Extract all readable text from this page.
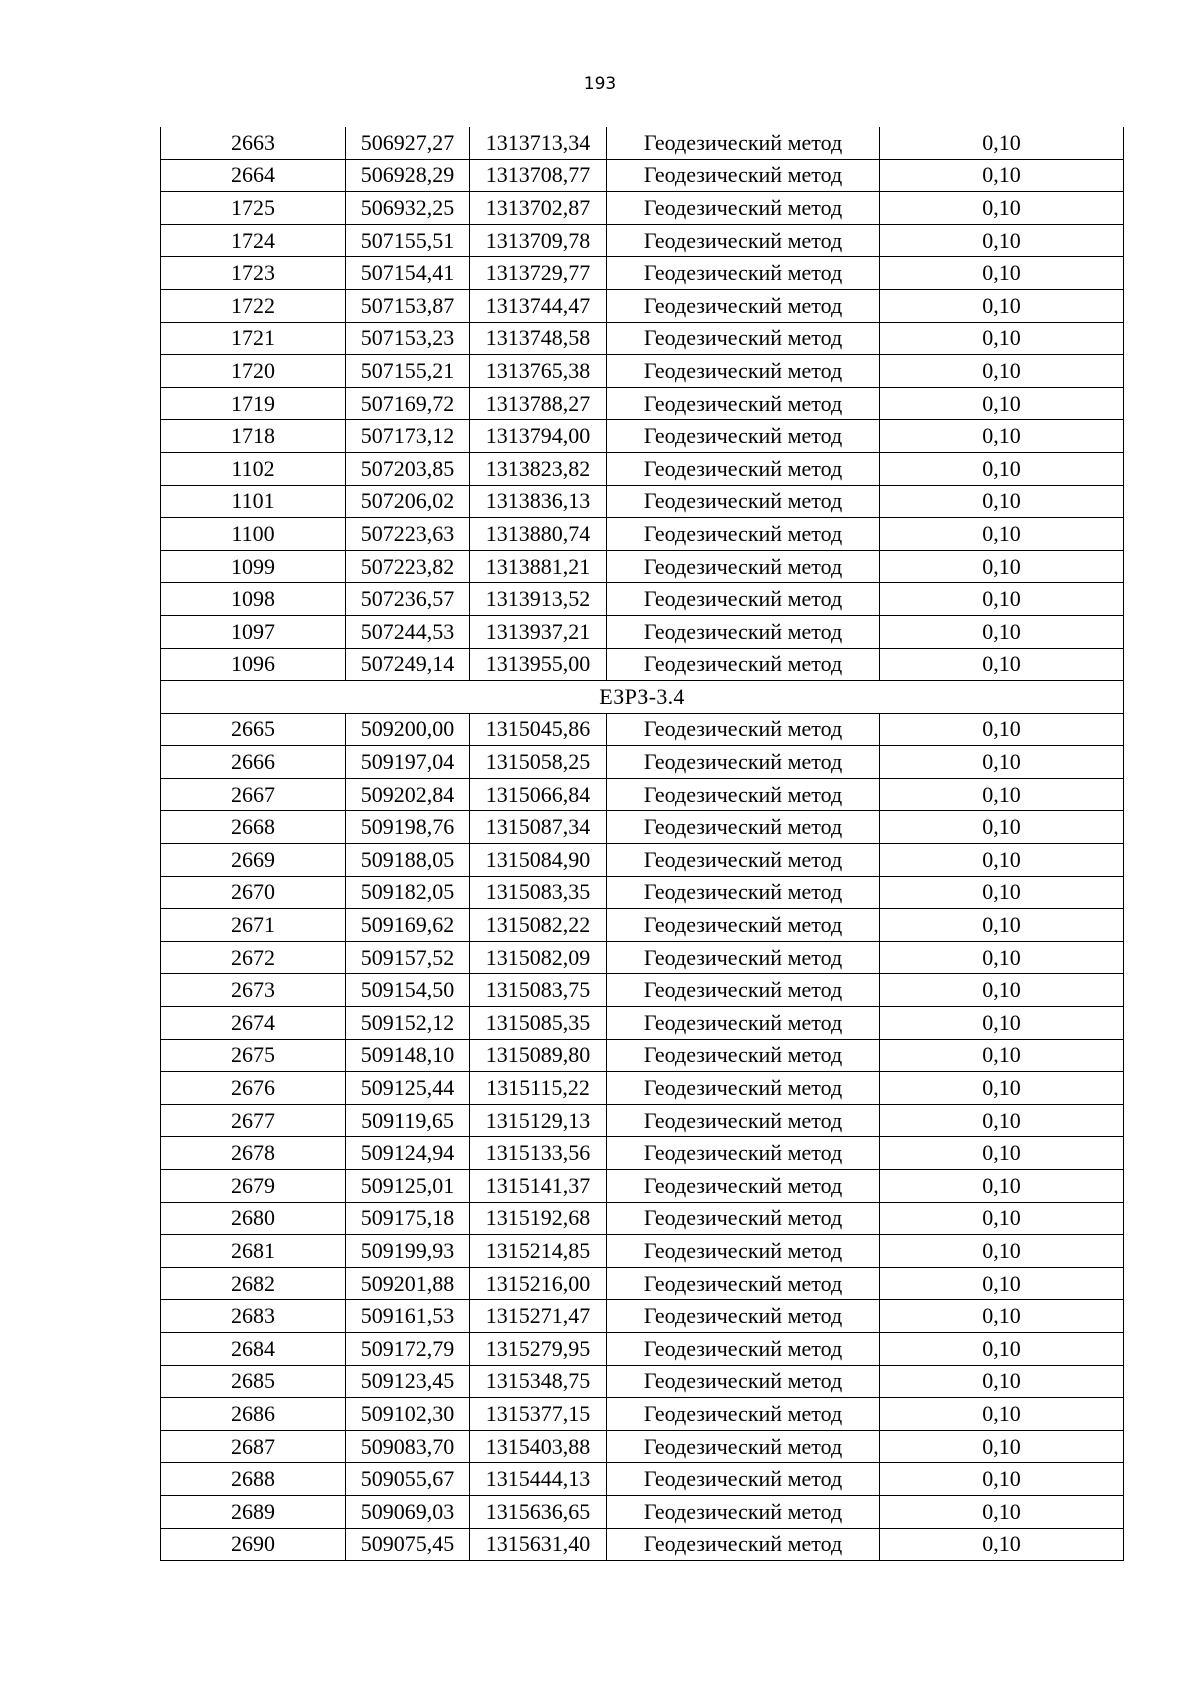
193
2663	506927,27	1313713,34	Геодезический метод	0,10
2664	506928,29	1313708,77	Геодезический метод	0,10
1725	506932,25	1313702,87	Геодезический метод	0,10
1724	507155,51	1313709,78	Геодезический метод	0,10
1723	507154,41	1313729,77	Геодезический метод	0,10
1722	507153,87	1313744,47	Геодезический метод	0,10
1721	507153,23	1313748,58	Геодезический метод	0,10
1720	507155,21	1313765,38	Геодезический метод	0,10
1719	507169,72	1313788,27	Геодезический метод	0,10
1718	507173,12	1313794,00	Геодезический метод	0,10
1102	507203,85	1313823,82	Геодезический метод	0,10
1101	507206,02	1313836,13	Геодезический метод	0,10
1100	507223,63	1313880,74	Геодезический метод	0,10
1099	507223,82	1313881,21	Геодезический метод	0,10
1098	507236,57	1313913,52	Геодезический метод	0,10
1097	507244,53	1313937,21	Геодезический метод	0,10
1096	507249,14	1313955,00	Геодезический метод	0,10
ЕЗРЗ-3.4				
2665	509200,00	1315045,86	Геодезический метод	0,10
2666	509197,04	1315058,25	Геодезический метод	0,10
2667	509202,84	1315066,84	Геодезический метод	0,10
2668	509198,76	1315087,34	Геодезический метод	0,10
2669	509188,05	1315084,90	Геодезический метод	0,10
2670	509182,05	1315083,35	Геодезический метод	0,10
2671	509169,62	1315082,22	Геодезический метод	0,10
2672	509157,52	1315082,09	Геодезический метод	0,10
2673	509154,50	1315083,75	Геодезический метод	0,10
2674	509152,12	1315085,35	Геодезический метод	0,10
2675	509148,10	1315089,80	Геодезический метод	0,10
2676	509125,44	1315115,22	Геодезический метод	0,10
2677	509119,65	1315129,13	Геодезический метод	0,10
2678	509124,94	1315133,56	Геодезический метод	0,10
2679	509125,01	1315141,37	Геодезический метод	0,10
2680	509175,18	1315192,68	Геодезический метод	0,10
2681	509199,93	1315214,85	Геодезический метод	0,10
2682	509201,88	1315216,00	Геодезический метод	0,10
2683	509161,53	1315271,47	Геодезический метод	0,10
2684	509172,79	1315279,95	Геодезический метод	0,10
2685	509123,45	1315348,75	Геодезический метод	0,10
2686	509102,30	1315377,15	Геодезический метод	0,10
2687	509083,70	1315403,88	Геодезический метод	0,10
2688	509055,67	1315444,13	Геодезический метод	0,10
2689	509069,03	1315636,65	Геодезический метод	0,10
2690	509075,45	1315631,40	Геодезический метод	0,10
